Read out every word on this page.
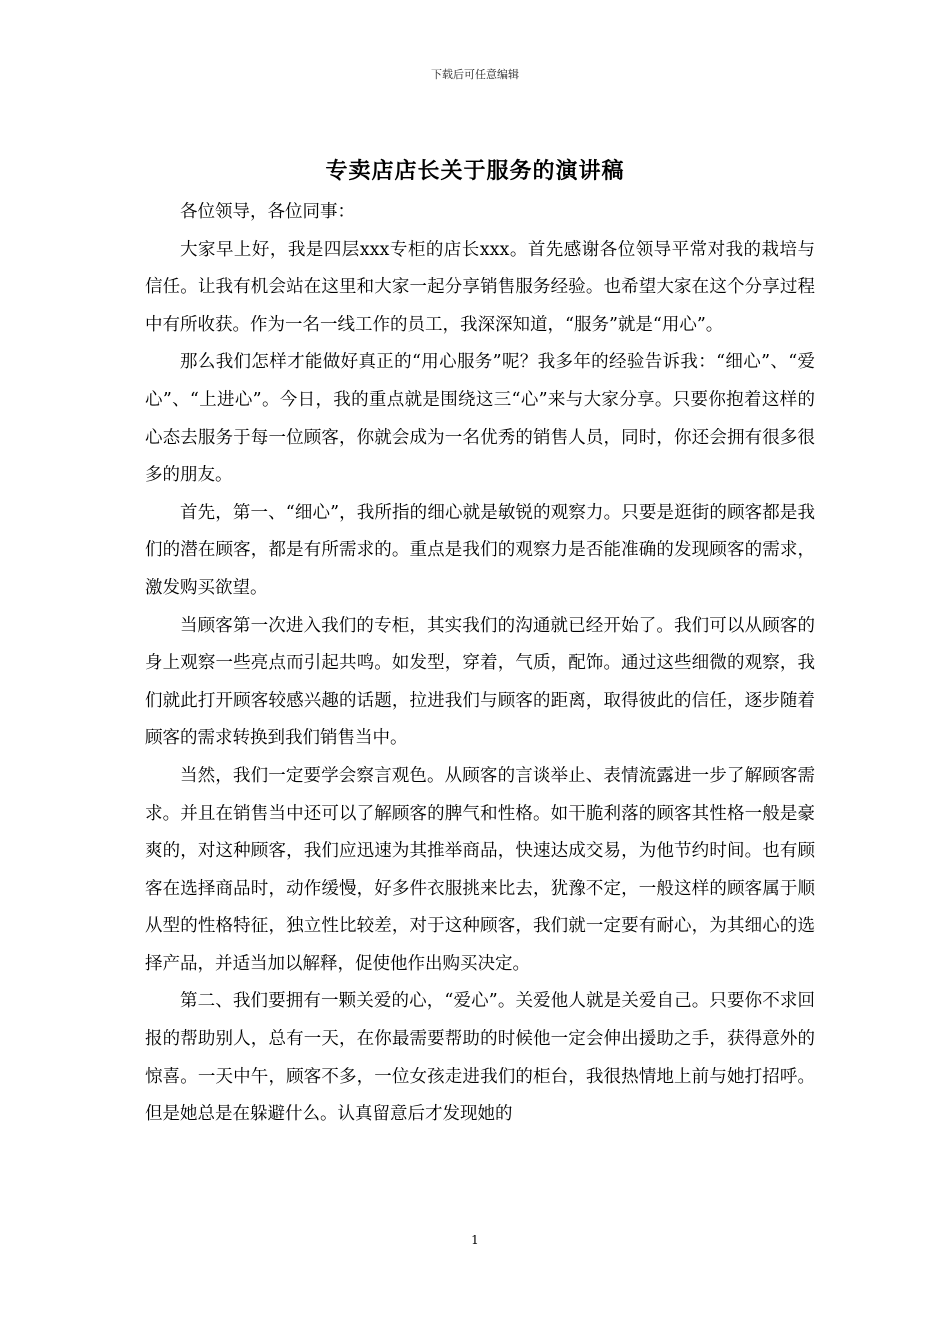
下载后可任意编辑
专卖店店长关于服务的演讲稿

各位领导，各位同事：

大家早上好，我是四层xxx专柜的店长xxx。首先感谢各位领导平常对我的栽培与信任。让我有机会站在这里和大家一起分享销售服务经验。也希望大家在这个分享过程中有所收获。作为一名一线工作的员工，我深深知道，“服务”就是“用心”。

那么我们怎样才能做好真正的“用心服务”呢？我多年的经验告诉我：“细心”、“爱心”、“上进心”。今日，我的重点就是围绕这三“心”来与大家分享。只要你抱着这样的心态去服务于每一位顾客，你就会成为一名优秀的销售人员，同时，你还会拥有很多很多的朋友。

首先，第一、“细心”，我所指的细心就是敏锐的观察力。只要是逛街的顾客都是我们的潜在顾客，都是有所需求的。重点是我们的观察力是否能准确的发现顾客的需求，激发购买欲望。

当顾客第一次进入我们的专柜，其实我们的沟通就已经开始了。我们可以从顾客的身上观察一些亮点而引起共鸣。如发型，穿着，气质，配饰。通过这些细微的观察，我们就此打开顾客较感兴趣的话题，拉进我们与顾客的距离，取得彼此的信任，逐步随着顾客的需求转换到我们销售当中。

当然，我们一定要学会察言观色。从顾客的言谈举止、表情流露进一步了解顾客需求。并且在销售当中还可以了解顾客的脾气和性格。如干脆利落的顾客其性格一般是豪爽的，对这种顾客，我们应迅速为其推举商品，快速达成交易，为他节约时间。也有顾客在选择商品时，动作缓慢，好多件衣服挑来比去，犹豫不定，一般这样的顾客属于顺从型的性格特征，独立性比较差，对于这种顾客，我们就一定要有耐心，为其细心的选择产品，并适当加以解释，促使他作出购买决定。

第二、我们要拥有一颗关爱的心，“爱心”。关爱他人就是关爱自己。只要你不求回报的帮助别人，总有一天，在你最需要帮助的时候他一定会伸出援助之手，获得意外的惊喜。一天中午，顾客不多，一位女孩走进我们的柜台，我很热情地上前与她打招呼。但是她总是在躲避什么。认真留意后才发现她的

1
